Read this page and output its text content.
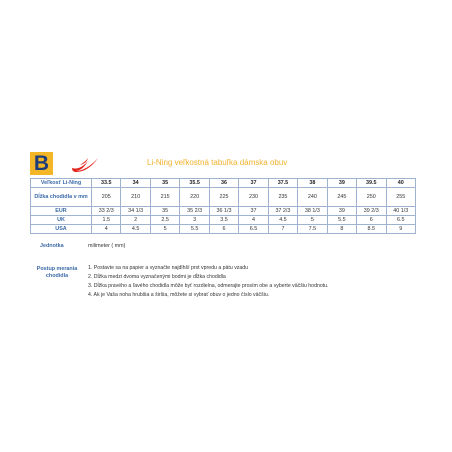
B	Li-Ning veľkostná tabuľka dámska obuv
Veľkosť Li-Ning	33.5	34	35	35.5	36	37	37.5	38	39	39.5	40
Dĺžka chodidla v mm	205	210	215	220	225	230	235	240	245	250	255
EUR	33 2/3	34 1/3	35	35 2/3	36 1/3	37	37 2/3	38 1/3	39	39 2/3	40 1/3
UK	1.5	2	2.5	3	3.5	4	4.5	5	5.5	6	6.5
USA	4	4.5	5	5.5	6	6.5	7	7.5	8	8.5	9
Jednotka	milimeter ( mm)
Postup merania chodidla
1. Postavte sa na papier a vyznačte najdlhší prst vpredu a pätu vzadu
2. Dĺžka medzi dvoma vyznačenými bodmi je dĺžka chodidla
3. Dĺžka pravého a ľavého chodidla môže byť rozdielna, odmerajte prosím obe a vyberte väčšiu hodnotu.
4. Ak je Vaša noha hrubšia a širšia, môžete si vybrať obuv o jedno číslo väčšiu.
